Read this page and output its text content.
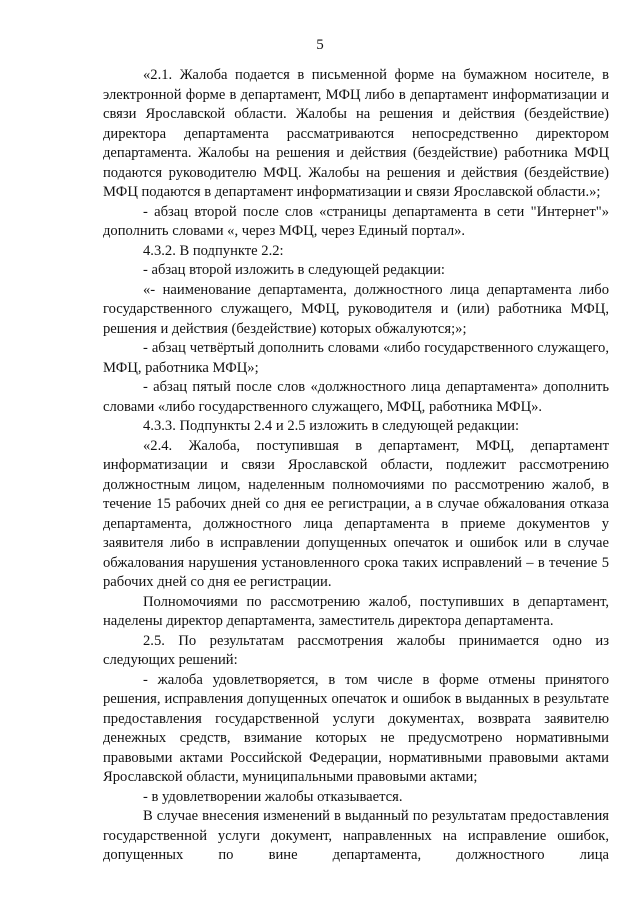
5

«2.1. Жалоба подается в письменной форме на бумажном носителе, в электронной форме в департамент, МФЦ либо в департамент информатизации и связи Ярославской области. Жалобы на решения и действия (бездействие) директора департамента рассматриваются непосредственно директором департамента. Жалобы на решения и действия (бездействие) работника МФЦ подаются руководителю МФЦ. Жалобы на решения и действия (бездействие) МФЦ подаются в департамент информатизации и связи Ярославской области.»;

- абзац второй после слов «страницы департамента в сети "Интернет"» дополнить словами «, через МФЦ, через Единый портал».

4.3.2. В подпункте 2.2:

- абзац второй изложить в следующей редакции:

«- наименование департамента, должностного лица департамента либо государственного служащего, МФЦ, руководителя и (или) работника МФЦ, решения и действия (бездействие) которых обжалуются;»;

- абзац четвёртый дополнить словами «либо государственного служащего, МФЦ, работника МФЦ»;

- абзац пятый после слов «должностного лица департамента» дополнить словами «либо государственного служащего, МФЦ, работника МФЦ».

4.3.3. Подпункты 2.4 и 2.5 изложить в следующей редакции:

«2.4. Жалоба, поступившая в департамент, МФЦ, департамент информатизации и связи Ярославской области, подлежит рассмотрению должностным лицом, наделенным полномочиями по рассмотрению жалоб, в течение 15 рабочих дней со дня ее регистрации, а в случае обжалования отказа департамента, должностного лица департамента в приеме документов у заявителя либо в исправлении допущенных опечаток и ошибок или в случае обжалования нарушения установленного срока таких исправлений – в течение 5 рабочих дней со дня ее регистрации.

Полномочиями по рассмотрению жалоб, поступивших в департамент, наделены директор департамента, заместитель директора департамента.

2.5. По результатам рассмотрения жалобы принимается одно из следующих решений:

- жалоба удовлетворяется, в том числе в форме отмены принятого решения, исправления допущенных опечаток и ошибок в выданных в результате предоставления государственной услуги документах, возврата заявителю денежных средств, взимание которых не предусмотрено нормативными правовыми актами Российской Федерации, нормативными правовыми актами Ярославской области, муниципальными правовыми актами;

- в удовлетворении жалобы отказывается.

В случае внесения изменений в выданный по результатам предоставления государственной услуги документ, направленных на исправление ошибок, допущенных по вине департамента, должностного лица
